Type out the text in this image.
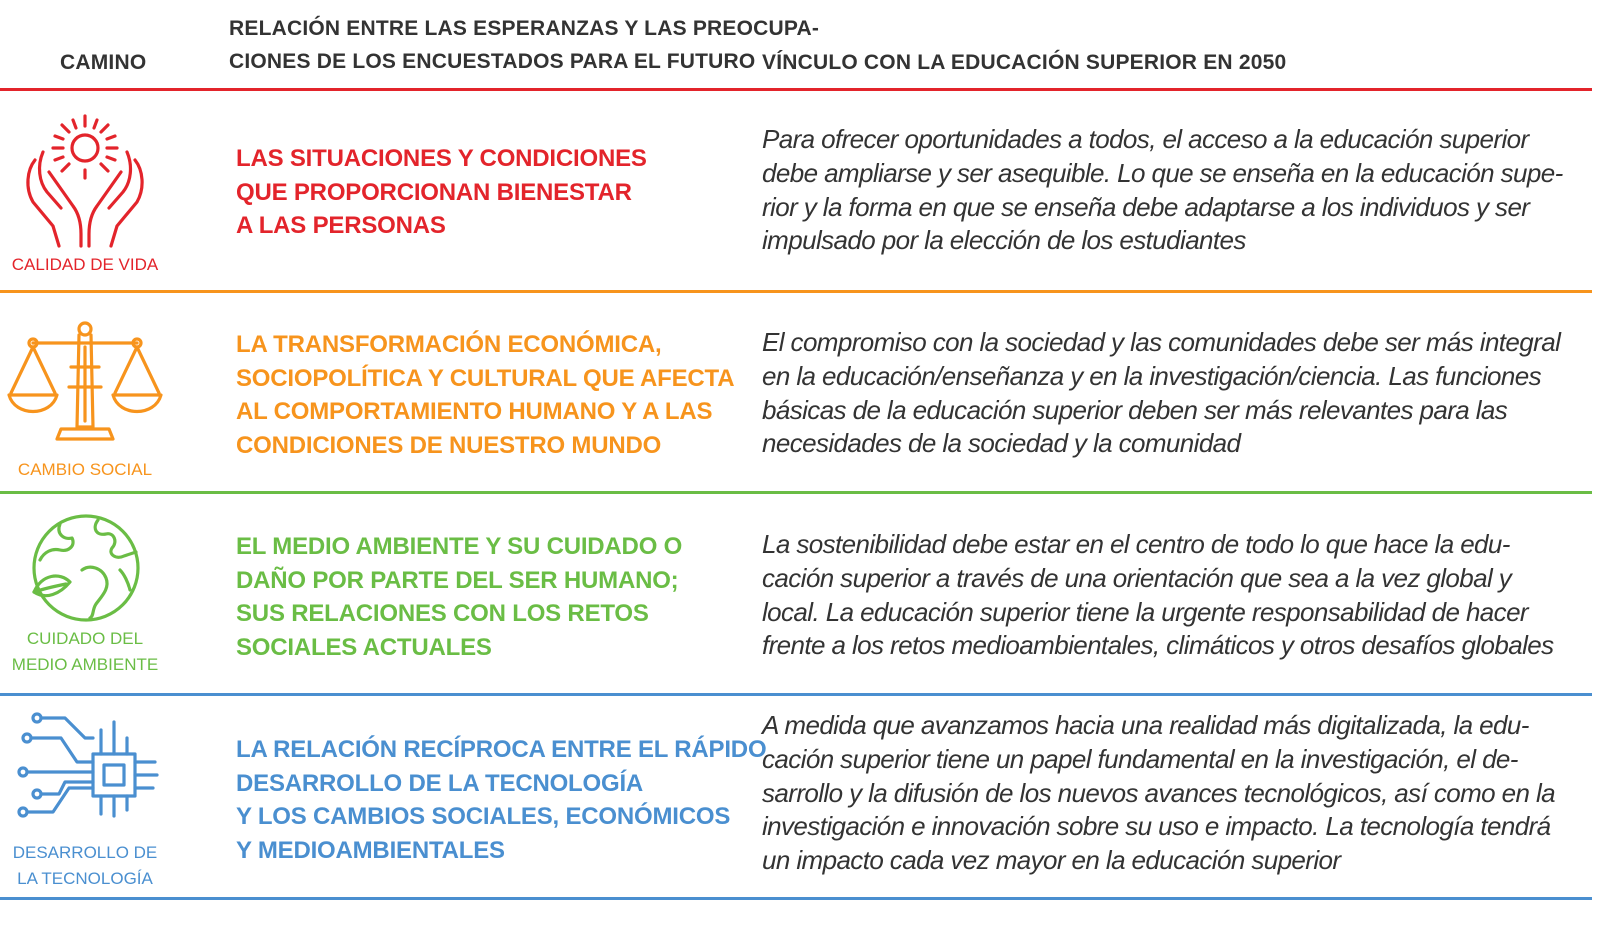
CAMINO
RELACIÓN ENTRE LAS ESPERANZAS Y LAS PREOCUPA-
CIONES DE LOS ENCUESTADOS PARA EL FUTURO VÍNCULO CON LA EDUCACIÓN SUPERIOR EN 2050
CALIDAD DE VIDA
LAS SITUACIONES Y CONDICIONES
QUE PROPORCIONAN BIENESTAR
A LAS PERSONAS
Para ofrecer oportunidades a todos, el acceso a la educación superior
debe ampliarse y ser asequible. Lo que se enseña en la educación supe-
rior y la forma en que se enseña debe adaptarse a los individuos y ser
impulsado por la elección de los estudiantes
CAMBIO SOCIAL
LA TRANSFORMACIÓN ECONÓMICA,
SOCIOPOLÍTICA Y CULTURAL QUE AFECTA
AL COMPORTAMIENTO HUMANO Y A LAS
CONDICIONES DE NUESTRO MUNDO
El compromiso con la sociedad y las comunidades debe ser más integral
en la educación/enseñanza y en la investigación/ciencia. Las funciones
básicas de la educación superior deben ser más relevantes para las
necesidades de la sociedad y la comunidad
CUIDADO DEL
MEDIO AMBIENTE
EL MEDIO AMBIENTE Y SU CUIDADO O
DAÑO POR PARTE DEL SER HUMANO;
SUS RELACIONES CON LOS RETOS
SOCIALES ACTUALES
La sostenibilidad debe estar en el centro de todo lo que hace la edu-
cación superior a través de una orientación que sea a la vez global y
local. La educación superior tiene la urgente responsabilidad de hacer
frente a los retos medioambientales, climáticos y otros desafíos globales
DESARROLLO DE
LA TECNOLOGÍA
LA RELACIÓN RECÍPROCA ENTRE EL RÁPIDO
DESARROLLO DE LA TECNOLOGÍA
Y LOS CAMBIOS SOCIALES, ECONÓMICOS
Y MEDIOAMBIENTALES
A medida que avanzamos hacia una realidad más digitalizada, la edu-
cación superior tiene un papel fundamental en la investigación, el de-
sarrollo y la difusión de los nuevos avances tecnológicos, así como en la
investigación e innovación sobre su uso e impacto. La tecnología tendrá
un impacto cada vez mayor en la educación superior
